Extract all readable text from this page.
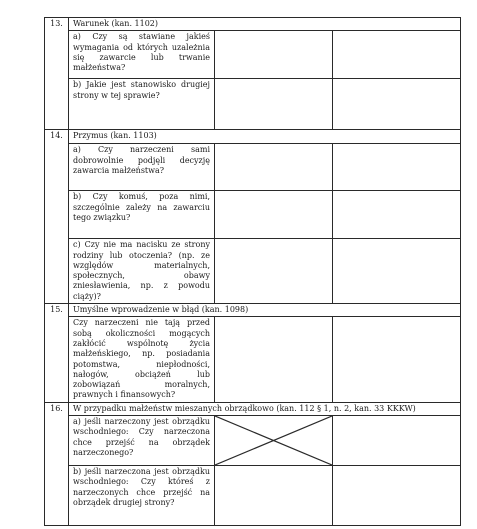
13.	Warunek (kan. 1102)		

	a) Czy są stawiane jakieś wymagania od których uzależnia się zawarcie lub trwanie małżeństwa?		

	b) Jakie jest stanowisko drugiej strony w tej sprawie?		

14.	Przymus (kan. 1103)		

	a) Czy narzeczeni sami dobrowolnie podjęli decyzję zawarcia małżeństwa?		

	b) Czy komuś, poza nimi, szczególnie zależy na zawarciu tego związku?		

	c) Czy nie ma nacisku ze strony rodziny lub otoczenia? (np. ze względów materialnych, społecznych, obawy zniesławienia, np. z powodu ciąży)?		

15.	Umyślne wprowadzenie w błąd (kan. 1098)		

	Czy narzeczeni nie tają przed sobą okoliczności mogących zakłócić wspólnotę życia małżeńskiego, np. posiadania potomstwa, niepłodności, nałogów, obciążeń lub zobowiązań moralnych, prawnych i finansowych?		

16.	W przypadku małżeństw mieszanych obrządkowo (kan. 112 § 1, n. 2, kan. 33 KKKW)		

	a) jeśli narzeczony jest obrządku wschodniego: Czy narzeczona chce przejść na obrządek narzeczonego?

	b) jeśli narzeczona jest obrządku wschodniego: Czy któreś z narzeczonych chce przejść na obrządek drugiej strony?		
